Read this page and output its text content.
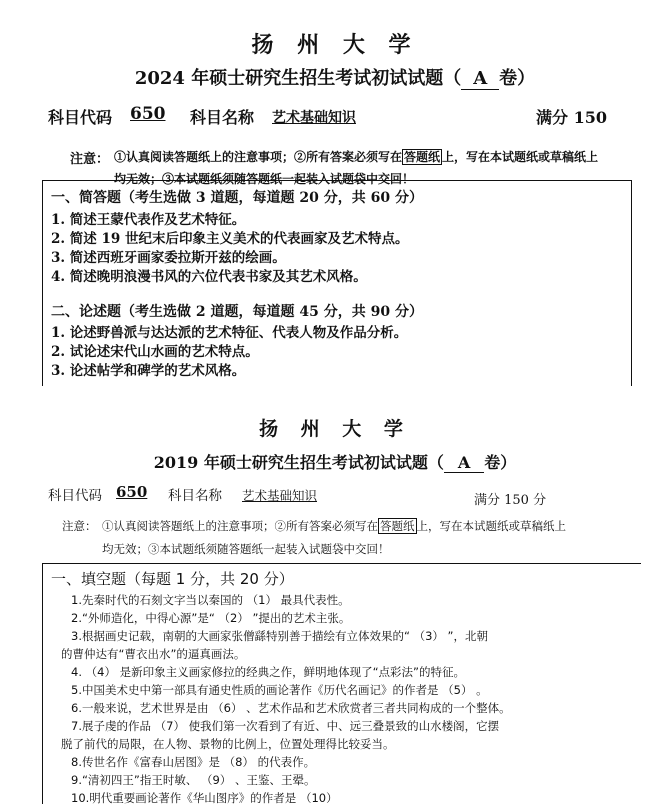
扬 州 大 学
2024 年硕士研究生招生考试初试试题（ A 卷）
科目代码 650 科目名称 艺术基础知识	满分 150
注意： ①认真阅读答题纸上的注意事项；②所有答案必须写在 答题纸 上，写在本试题纸或草稿纸上
均无效；③本试题纸须随答题纸一起装入试题袋中交回！
一、简答题（考生选做 3 道题，每道题 20 分，共 60 分）
1. 简述王蒙代表作及艺术特征。
2. 简述 19 世纪末后印象主义美术的代表画家及艺术特点。
3. 简述西班牙画家委拉斯开兹的绘画。
4. 简述晚明浪漫书风的六位代表书家及其艺术风格。
二、论述题（考生选做 2 道题，每道题 45 分，共 90 分）
1. 论述野兽派与达达派的艺术特征、代表人物及作品分析。
2. 试论述宋代山水画的艺术特点。
3. 论述帖学和碑学的艺术风格。
扬 州 大 学
2019 年硕士研究生招生考试初试试题（ A 卷）
科目代码 650 科目名称 艺术基础知识	满分 150 分
注意： ①认真阅读答题纸上的注意事项；②所有答案必须写在 答题纸 上，写在本试题纸或草稿纸上
均无效；③本试题纸须随答题纸一起装入试题袋中交回！
一、填空题（每题 1 分，共 20 分）
1.先秦时代的石刻文字当以秦国的 （1） 最具代表性。
2.“外师造化，中得心源”是“ （2） ”提出的艺术主张。
3.根据画史记载，南朝的大画家张僧繇特别善于描绘有立体效果的“ （3） ”，北朝
的曹仲达有“曹衣出水”的逼真画法。
4. （4） 是新印象主义画家修拉的经典之作，鲜明地体现了“点彩法”的特征。
5.中国美术史中第一部具有通史性质的画论著作《历代名画记》的作者是 （5） 。
6.一般来说，艺术世界是由 （6） 、艺术作品和艺术欣赏者三者共同构成的一个整体。
7.展子虔的作品 （7） 使我们第一次看到了有近、中、远三叠景致的山水楼阁，它摆
脱了前代的局限，在人物、景物的比例上，位置处理得比较妥当。
8.传世名作《富春山居图》是 （8） 的代表作。
9.“清初四王”指王时敏、 （9） 、王鉴、王翚。
10.明代重要画论著作《华山图序》的作者是 （10）
